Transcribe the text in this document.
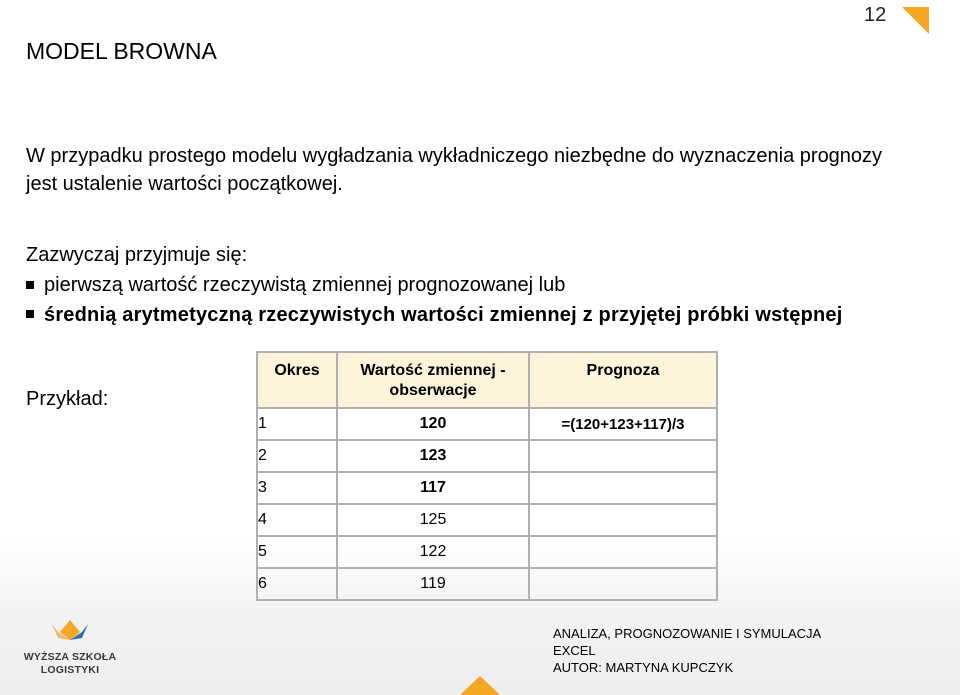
12
MODEL BROWNA

W przypadku prostego modelu wygładzania wykładniczego niezbędne do wyznaczenia prognozy jest ustalenie wartości początkowej.

Zazwyczaj przyjmuje się:
pierwszą wartość rzeczywistą zmiennej prognozowanej lub
średnią arytmetyczną rzeczywistych wartości zmiennej z przyjętej próbki wstępnej
Przykład:
Okres	Wartość zmiennej - obserwacje	Prognoza
1	120	=(120+123+117)/3
2	123	
3	117	
4	125	
5	122	
6	119	
WYŻSZA SZKOŁA
LOGISTYKI
ANALIZA, PROGNOZOWANIE I SYMULACJA
EXCEL
AUTOR: MARTYNA KUPCZYK
